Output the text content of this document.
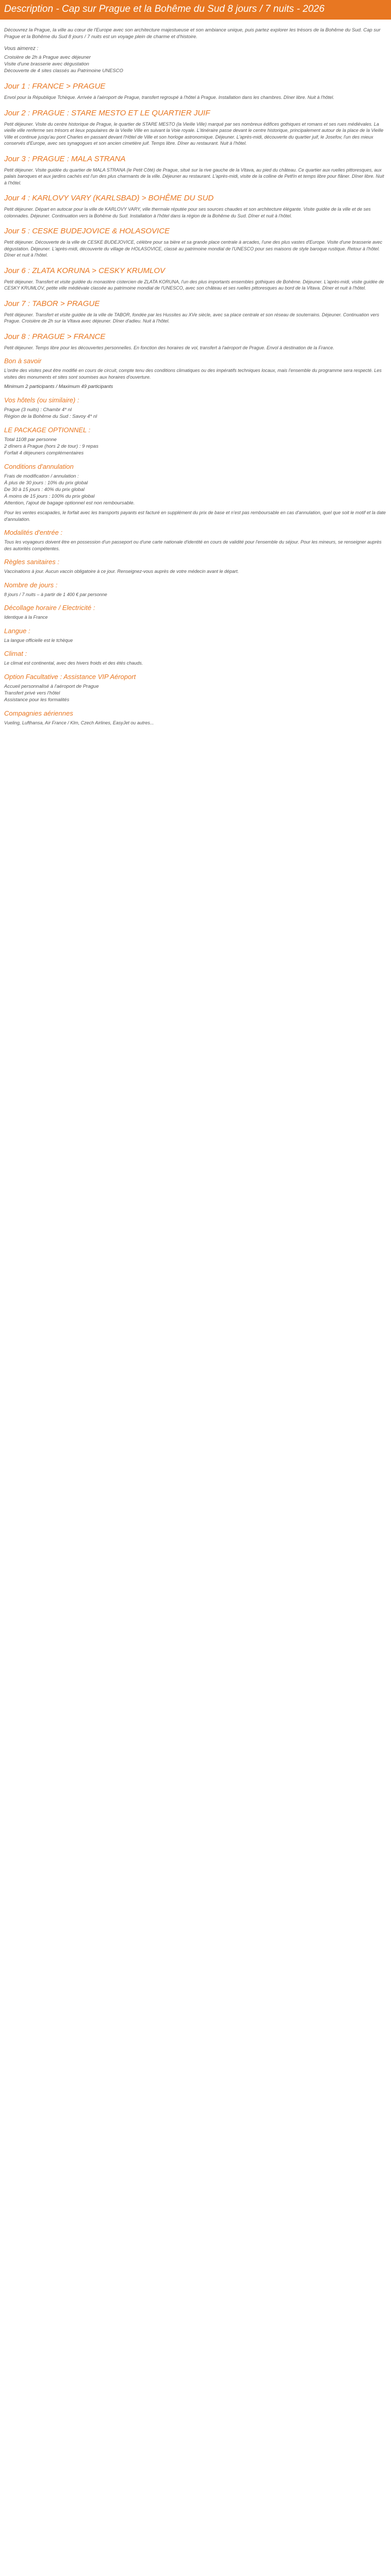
Description - Cap sur Prague et la Bohême du Sud 8 jours / 7 nuits - 2026

Découvrez la Prague, la ville au cœur de l'Europe avec son architecture majestueuse et son ambiance unique, puis partez explorer les trésors de la Bohême du Sud. Cap sur Prague et la Bohême du Sud 8 jours / 7 nuits est un voyage plein de charme et d'histoire.

Vous aimerez :
Croisière de 2h à Prague avec déjeuner
Visite d'une brasserie avec dégustation
Découverte de 4 sites classés au Patrimoine UNESCO
Jour 1 : FRANCE > PRAGUE

Envol pour la République Tchèque. Arrivée à l'aéroport de Prague, transfert regroupé à l'hôtel à Prague. Installation dans les chambres. Dîner libre. Nuit à l'hôtel.

Jour 2 : PRAGUE : STARE MESTO ET LE QUARTIER JUIF

Petit déjeuner. Visite du centre historique de Prague, le quartier de STARE MESTO (la Vieille Ville) marqué par ses nombreux édifices gothiques et romans et ses rues médiévales. La vieille ville renferme ses trésors et lieux populaires de la Vieille Ville en suivant la Voie royale. L'itinéraire passe devant le centre historique, principalement autour de la place de la Vieille Ville et continue jusqu'au pont Charles en passant devant l'Hôtel de Ville et son horloge astronomique. Déjeuner. L'après-midi, découverte du quartier juif, le Josefov, l'un des mieux conservés d'Europe, avec ses synagogues et son ancien cimetière juif. Temps libre. Dîner au restaurant. Nuit à l'hôtel.

Jour 3 : PRAGUE : MALA STRANA

Petit déjeuner. Visite guidée du quartier de MALA STRANA (le Petit Côté) de Prague, situé sur la rive gauche de la Vltava, au pied du château. Ce quartier aux ruelles pittoresques, aux palais baroques et aux jardins cachés est l'un des plus charmants de la ville. Déjeuner au restaurant. L'après-midi, visite de la colline de Petřín et temps libre pour flâner. Dîner libre. Nuit à l'hôtel.

Jour 4 : KARLOVY VARY (KARLSBAD) > BOHÊME DU SUD

Petit déjeuner. Départ en autocar pour la ville de KARLOVY VARY, ville thermale réputée pour ses sources chaudes et son architecture élégante. Visite guidée de la ville et de ses colonnades. Déjeuner. Continuation vers la Bohême du Sud. Installation à l'hôtel dans la région de la Bohême du Sud. Dîner et nuit à l'hôtel.

Jour 5 : CESKE BUDEJOVICE & HOLASOVICE

Petit déjeuner. Découverte de la ville de CESKE BUDEJOVICE, célèbre pour sa bière et sa grande place centrale à arcades, l'une des plus vastes d'Europe. Visite d'une brasserie avec dégustation. Déjeuner. L'après-midi, découverte du village de HOLASOVICE, classé au patrimoine mondial de l'UNESCO pour ses maisons de style baroque rustique. Retour à l'hôtel. Dîner et nuit à l'hôtel.

Jour 6 : ZLATA KORUNA > CESKY KRUMLOV

Petit déjeuner. Transfert et visite guidée du monastère cistercien de ZLATA KORUNA, l'un des plus importants ensembles gothiques de Bohême. Déjeuner. L'après-midi, visite guidée de CESKY KRUMLOV, petite ville médiévale classée au patrimoine mondial de l'UNESCO, avec son château et ses ruelles pittoresques au bord de la Vltava. Dîner et nuit à l'hôtel.

Jour 7 : TABOR > PRAGUE

Petit déjeuner. Transfert et visite guidée de la ville de TABOR, fondée par les Hussites au XVe siècle, avec sa place centrale et son réseau de souterrains. Déjeuner. Continuation vers Prague. Croisière de 2h sur la Vltava avec déjeuner. Dîner d'adieu. Nuit à l'hôtel.

Jour 8 : PRAGUE > FRANCE

Petit déjeuner. Temps libre pour les découvertes personnelles. En fonction des horaires de vol, transfert à l'aéroport de Prague. Envol à destination de la France.

Bon à savoir

L'ordre des visites peut être modifié en cours de circuit, compte tenu des conditions climatiques ou des impératifs techniques locaux, mais l'ensemble du programme sera respecté. Les visites des monuments et sites sont soumises aux horaires d'ouverture.

Minimum 2 participants / Maximum 49 participants

Vos hôtels (ou similaire) :
Prague (3 nuits) : Chambr 4* nl
Région de la Bohême du Sud : Savoy 4* nl
LE PACKAGE OPTIONNEL :
Total 1108 par personne
2 dîners à Prague (hors 2 de tour) : 9 repas
Forfait 4 déjeuners complémentaires
Conditions d'annulation
Frais de modification / annulation :
À plus de 30 jours : 10% du prix global
De 30 à 15 jours : 40% du prix global
À moins de 15 jours : 100% du prix global
Attention, l'ajout de bagage optionnel est non remboursable.

Pour les ventes escapades, le forfait avec les transports payants est facturé en supplément du prix de base et n'est pas remboursable en cas d'annulation, quel que soit le motif et la date d'annulation.

Modalités d'entrée :

Tous les voyageurs doivent être en possession d'un passeport ou d'une carte nationale d'identité en cours de validité pour l'ensemble du séjour. Pour les mineurs, se renseigner auprès des autorités compétentes.

Règles sanitaires :

Vaccinations à jour. Aucun vaccin obligatoire à ce jour. Renseignez-vous auprès de votre médecin avant le départ.

Nombre de jours :

8 jours / 7 nuits – à partir de 1 400 € par personne

Décollage horaire / Electricité :

Identique à la France

Langue :

La langue officielle est le tchèque

Climat :

Le climat est continental, avec des hivers froids et des étés chauds.

Option Facultative : Assistance VIP Aéroport
Accueil personnalisé à l'aéroport de Prague
Transfert privé vers l'hôtel
Assistance pour les formalités
Compagnies aériennes

Vueling, Lufthansa, Air France / Klm, Czech Airlines, EasyJet ou autres...
